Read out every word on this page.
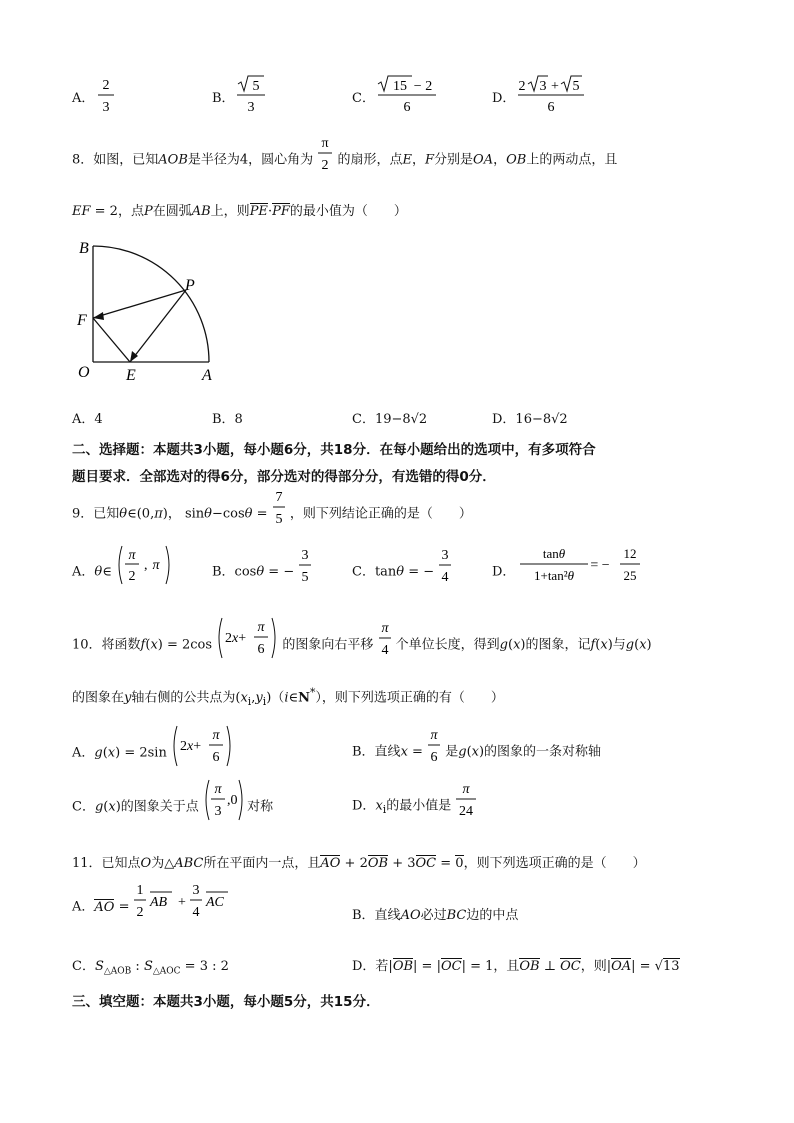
A．
2
3
B．
5
3
C．
15 − 2
6
D．
2 3 + 5
6
8．如图，已知AOB是半径为4，圆心角为
π
2 的扇形，点E，F分别是OA，OB上的两动点，且
EF = 2，点P在圆弧AB上，则PE·PF的最小值为（　　）
B
P
F
O E	A
A．4	B．8	C．19−8√2	D．16−8√2
二、选择题：本题共3小题，每小题6分，共18分．在每小题给出的选项中，有多项符合
题目要求．全部选对的得6分，部分选对的得部分分，有选错的得0分．
9．已知θ∈(0,π)， sinθ−cosθ =
7
5 ，则下列结论正确的是（　　）
A．θ∈
π
2
, π	B．cosθ = −
3
5	C．tanθ = −
3
4	D．
tanθ
1+tan²θ
= −
12
25
10．将函数f(x) = 2cos 2x+
π
6 的图象向右平移
π
4 个单位长度，得到g(x)的图象，记f(x)与g(x)
的图象在y轴右侧的公共点为$(x_i,y_i)(i\in N^*)$，则下列选项正确的有（　　）
A．g(x) = 2sin 2x+
π
6	B．直线x =
π
6 是g(x)的图象的一条对称轴
C．g(x)的图象关于点
π
3
,0 对称	D．$x_i$的最小值是
π
24
11．已知点O为△ABC所在平面内一点，且AO + 2OB + 3OC = 0，则下列选项正确的是（　　）
A．AO =
1
2
AB +
3
4
AC
B．直线AO必过BC边的中点
C．$S_{\triangle AOB}$ : $S_{\triangle AOC} = 3$ : 2	D．若|OB| = |OC| = 1，且OB ⊥ OC，则|OA| = √13
三、填空题：本题共3小题，每小题5分，共15分．
